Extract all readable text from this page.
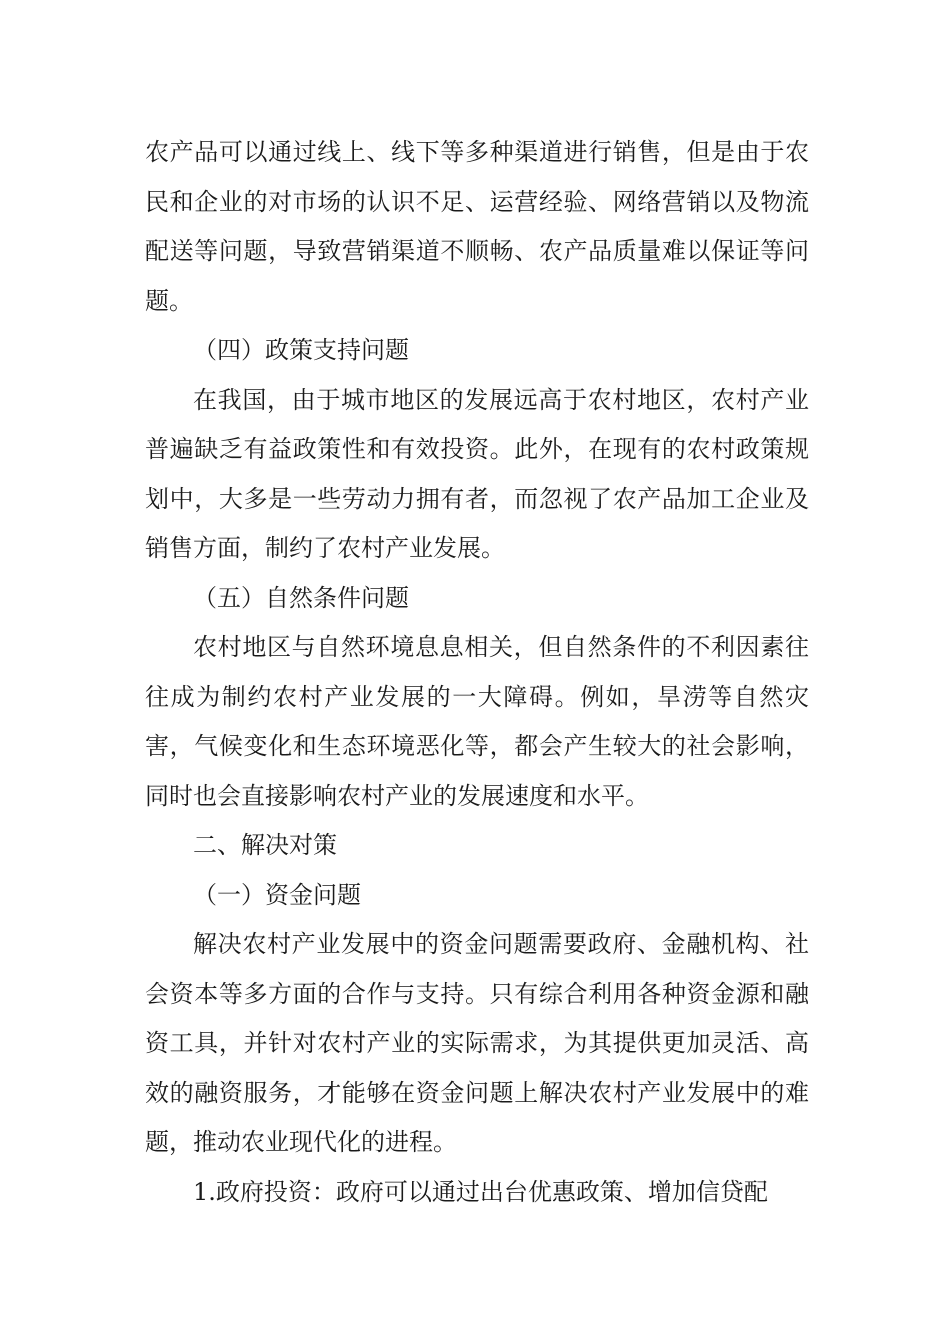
农产品可以通过线上、线下等多种渠道进行销售，但是由于农民和企业的对市场的认识不足、运营经验、网络营销以及物流配送等问题，导致营销渠道不顺畅、农产品质量难以保证等问题。

（四）政策支持问题

在我国，由于城市地区的发展远高于农村地区，农村产业普遍缺乏有益政策性和有效投资。此外，在现有的农村政策规划中，大多是一些劳动力拥有者，而忽视了农产品加工企业及销售方面，制约了农村产业发展。

（五）自然条件问题

农村地区与自然环境息息相关，但自然条件的不利因素往往成为制约农村产业发展的一大障碍。例如，旱涝等自然灾害，气候变化和生态环境恶化等，都会产生较大的社会影响，同时也会直接影响农村产业的发展速度和水平。

二、解决对策

（一）资金问题

解决农村产业发展中的资金问题需要政府、金融机构、社会资本等多方面的合作与支持。只有综合利用各种资金源和融资工具，并针对农村产业的实际需求，为其提供更加灵活、高效的融资服务，才能够在资金问题上解决农村产业发展中的难题，推动农业现代化的进程。

1.政府投资：政府可以通过出台优惠政策、增加信贷配
